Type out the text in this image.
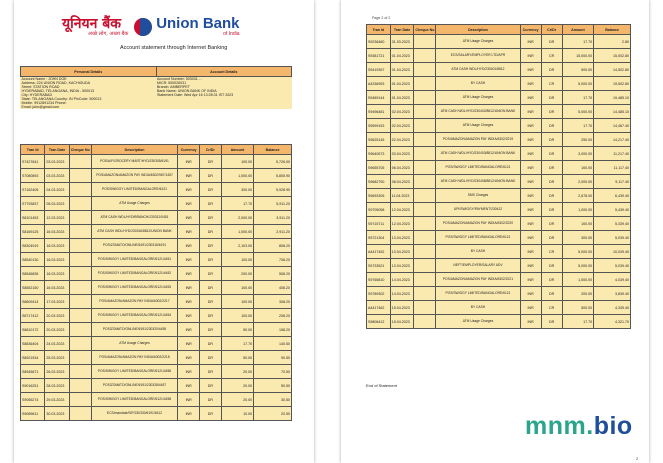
यूनियन बैंक
अच्छे लोग, अच्छा बैंक
Union Bank
of India
Account statement through Internet Banking
Personal Details	Account Details
Account Name : JOHN DOE	Account Number: 503031....
Address: 224 UNION ROAD, KACHIGUDA	MICR: 500026031
Street: STATION ROAD	Branch: AMBERPET
HYDERABAD, TELANGANA, INDIA - 500013	Bank Name: UNION BANK OF INDIA
City: HYDERABAD	Statement Date: Wed Apr 16 13:28:31 IST 2023
State: TELANGANA Country: IN PinCode: 500013	
Mobile: 9912891234 Phone:	
Email: john@gmail.com	
Tran Id	Tran Date	Cheque No	Description	Currency	Cr/Dr	Amount	Balance
S7427841	03.03.2023		POS/A/F/GROCERY MART/HYD/230305/6191	INR	DR	100.00	5,726.00
S7080893	03.03.2023		POS/AMAZON/AMAZON PAY INDIA/6302/987/1457	INR	DR	1,000.00	5,805.90
S7162405	04.03.2023		POS/SWIGGY LIMITED/BANGALORE/6121	INR	DR	300.00	5,928.90
S7793837	05.03.2023		ATM Usage Charges	INR	DR	17.70	5,911.20
S8101453	12.03.2023		ATM CASH WDL/HYD/BRANCH/230312/0451	INR	DR	2,000.00	3,911.20
S8169125	16.03.2023		ATM CASH WDL/HYD/230316/8812/UNION BANK	INR	DR	1,000.00	2,911.20
S8304919	16.03.2023		POS/ZOMATO/ONLINE/6191/230316/6191	INR	DR	2,103.00	808.20
S8540130	16.03.2023		POS/SWIGGY LIMITED/BANGALORE/6121/4451	INR	DR	100.00	708.20
S8546835	16.03.2023		POS/SWIGGY LIMITED/BANGALORE/6121/4452	INR	DR	200.00	508.20
S8552150	16.03.2023		POS/SWIGGY LIMITED/BANGALORE/6121/4453	INR	DR	100.00	408.20
S8609414	17.03.2023		POS/AMAZON/AMAZON PAY INDIA/6302/2217	INR	DR	100.00	308.20
S8717412	20.03.2023		POS/SWIGGY LIMITED/BANGALORE/6121/4454	INR	DR	100.00	208.20
S8810172	20.03.2023		POS/ZOMATO/ONLINE/6191/230320/4455	INR	DR	50.00	158.20
S8836404	24.03.2023		ATM Usage Charges	INR	DR	17.70	140.50
S8921534	25.03.2023		POS/AMAZON/AMAZON PAY INDIA/6302/2218	INR	DR	50.00	90.50
S8945671	26.03.2023		POS/SWIGGY LIMITED/BANGALORE/6121/4456	INR	DR	20.00	70.50
S9016251	28.03.2023		POS/ZOMATO/ONLINE/6191/230328/4457	INR	DR	20.00	50.50
S9055274	29.03.2023		POS/SWIGGY LIMITED/BANGALORE/6121/4458	INR	DR	20.00	30.50
S9089811	30.03.2023		ECS/mandate/SIP/230330/6191/5412	INR	DR	10.00	20.50
Page 2 of 2
Tran Id	Tran Date	Cheque No	Description	Currency	Cr/Dr	Amount	Balance
S9236460	31.03.2023		ATM Usage Charges	INR	DR	17.70	2.80
S9381721	01.04.2023		ECS/SALARY/EMPLOYER LTD/APR	INR	CR	15,000.00	15,002.80
S9419357	01.04.2023		ATM CASH WDL/HYD/230401/8812	INR	DR	500.00	14,502.80
A4336953	01.04.2023		BY CASH	INR	CR	5,000.00	19,502.80
S9489144	01.04.2023		ATM Usage Charges	INR	DR	17.70	19,485.10
S9496481	02.04.2023		ATM CASH WDL/HYD/230402/8812/UNION BANK	INR	DR	5,000.00	14,485.10
S9599153	02.04.2023		ATM Usage Charges	INR	DR	17.70	14,467.40
S9625145	02.04.2023		POS/AMAZON/AMAZON PAY INDIA/6302/2219	INR	DR	250.00	14,217.40
S9640573	03.04.2023		ATM CASH WDL/HYD/230403/8812/UNION BANK	INR	DR	3,000.00	11,217.40
S9655705	06.04.2023		POS/SWIGGY LIMITED/BANGALORE/6121	INR	DR	100.00	11,117.40
S9682790	08.04.2023		ATM CASH WDL/HYD/230408/8812/UNION BANK	INR	DR	2,000.00	9,117.40
S9693305	11.04.2023		SMS Charges	INR	DR	2,678.00	6,439.40
S9705058	12.04.2023		UPI/SWIGGY/PAYMENT/230412	INR	DR	1,000.00	5,439.40
S9715711	12.04.2023		POS/AMAZON/AMAZON PAY INDIA/6302/2220	INR	DR	100.00	5,339.40
S9721304	13.04.2023		POS/SWIGGY LIMITED/BANGALORE/6121	INR	DR	300.00	5,039.40
A4417452	13.04.2023		BY CASH	INR	CR	5,000.00	10,039.40
S9733521	13.04.2023		NEFT/EMPLOYER/SALARY ADV	INR	DR	5,000.00	5,039.40
S9765810	14.04.2023		POS/AMAZON/AMAZON PAY INDIA/6302/2221	INR	DR	1,000.00	4,039.40
S9789302	14.04.2023		POS/SWIGGY LIMITED/BANGALORE/6121	INR	DR	200.00	3,839.40
A4417462	15.04.2023		BY CASH	INR	CR	500.00	4,339.40
S9806412	15.04.2023		ATM Usage Charges	INR	DR	17.70	4,321.70
End of Statement
mnm.bio
2
